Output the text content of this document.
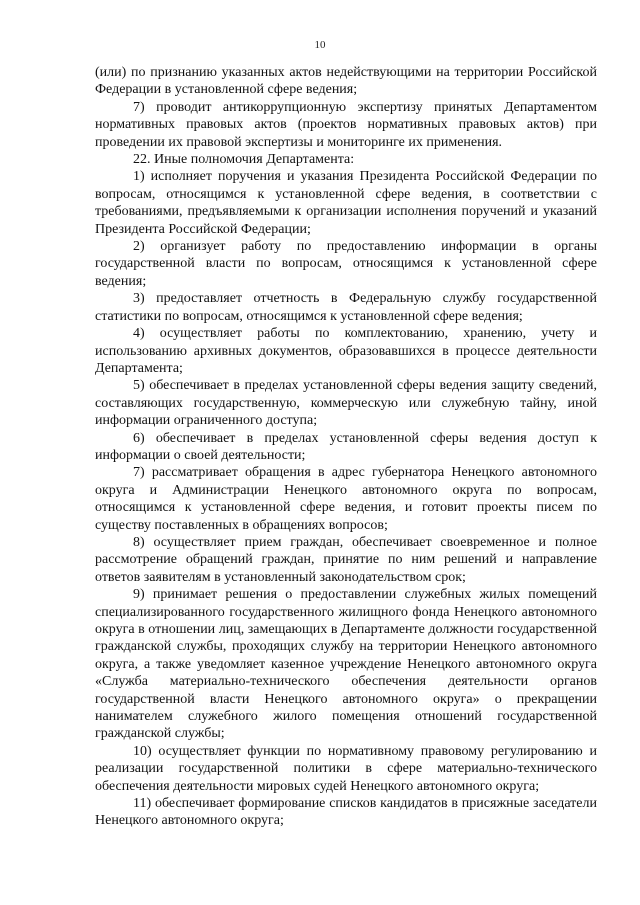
10

(или) по признанию указанных актов недействующими на территории Российской Федерации в установленной сфере ведения;

7) проводит антикоррупционную экспертизу принятых Департаментом нормативных правовых актов (проектов нормативных правовых актов) при проведении их правовой экспертизы и мониторинге их применения.

22. Иные полномочия Департамента:

1) исполняет поручения и указания Президента Российской Федерации по вопросам, относящимся к установленной сфере ведения, в соответствии с требованиями, предъявляемыми к организации исполнения поручений и указаний Президента Российской Федерации;

2) организует работу по предоставлению информации в органы государственной власти по вопросам, относящимся к установленной сфере ведения;

3) предоставляет отчетность в Федеральную службу государственной статистики по вопросам, относящимся к установленной сфере ведения;

4) осуществляет работы по комплектованию, хранению, учету и использованию архивных документов, образовавшихся в процессе деятельности Департамента;

5) обеспечивает в пределах установленной сферы ведения защиту сведений, составляющих государственную, коммерческую или служебную тайну, иной информации ограниченного доступа;

6) обеспечивает в пределах установленной сферы ведения доступ к информации о своей деятельности;

7) рассматривает обращения в адрес губернатора Ненецкого автономного округа и Администрации Ненецкого автономного округа по вопросам, относящимся к установленной сфере ведения, и готовит проекты писем по существу поставленных в обращениях вопросов;

8) осуществляет прием граждан, обеспечивает своевременное и полное рассмотрение обращений граждан, принятие по ним решений и направление ответов заявителям в установленный законодательством срок;

9) принимает решения о предоставлении служебных жилых помещений специализированного государственного жилищного фонда Ненецкого автономного округа в отношении лиц, замещающих в Департаменте должности государственной гражданской службы, проходящих службу на территории Ненецкого автономного округа, а также уведомляет казенное учреждение Ненецкого автономного округа «Служба материально-технического обеспечения деятельности органов государственной власти Ненецкого автономного округа» о прекращении нанимателем служебного жилого помещения отношений государственной гражданской службы;

10) осуществляет функции по нормативному правовому регулированию и реализации государственной политики в сфере материально-технического обеспечения деятельности мировых судей Ненецкого автономного округа;

11) обеспечивает формирование списков кандидатов в присяжные заседатели Ненецкого автономного округа;
